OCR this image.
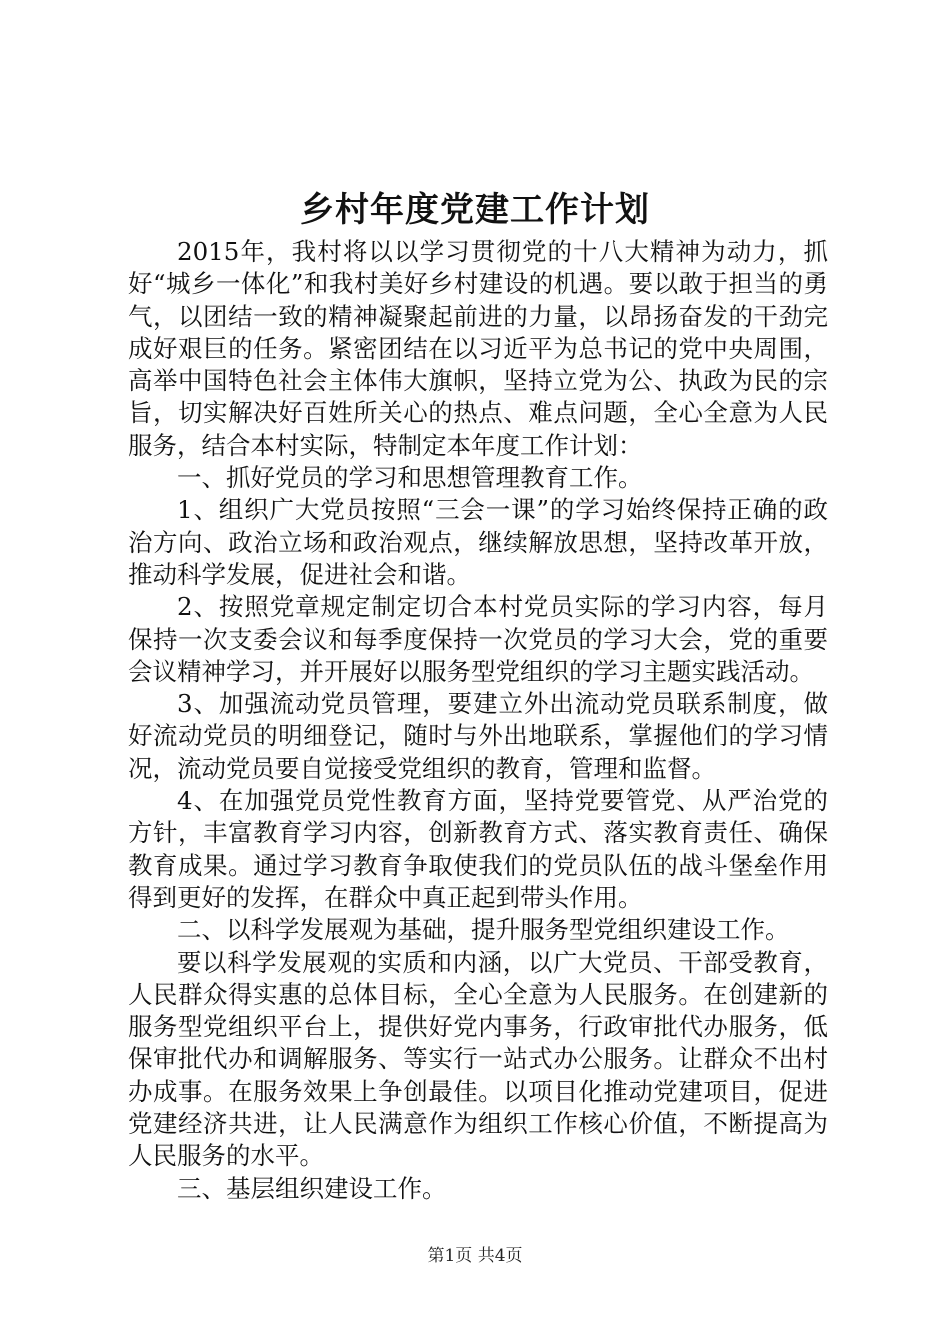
乡村年度党建工作计划

2015年，我村将以以学习贯彻党的十八大精神为动力，抓好“城乡一体化”和我村美好乡村建设的机遇。要以敢于担当的勇气，以团结一致的精神凝聚起前进的力量，以昂扬奋发的干劲完成好艰巨的任务。紧密团结在以习近平为总书记的党中央周围，高举中国特色社会主体伟大旗帜，坚持立党为公、执政为民的宗旨，切实解决好百姓所关心的热点、难点问题，全心全意为人民服务，结合本村实际，特制定本年度工作计划：

一、抓好党员的学习和思想管理教育工作。

1、组织广大党员按照“三会一课”的学习始终保持正确的政治方向、政治立场和政治观点，继续解放思想，坚持改革开放，推动科学发展，促进社会和谐。

2、按照党章规定制定切合本村党员实际的学习内容，每月保持一次支委会议和每季度保持一次党员的学习大会，党的重要会议精神学习，并开展好以服务型党组织的学习主题实践活动。

3、加强流动党员管理，要建立外出流动党员联系制度，做好流动党员的明细登记，随时与外出地联系，掌握他们的学习情况，流动党员要自觉接受党组织的教育，管理和监督。

4、在加强党员党性教育方面，坚持党要管党、从严治党的方针，丰富教育学习内容，创新教育方式、落实教育责任、确保教育成果。通过学习教育争取使我们的党员队伍的战斗堡垒作用得到更好的发挥，在群众中真正起到带头作用。

二、以科学发展观为基础，提升服务型党组织建设工作。

要以科学发展观的实质和内涵，以广大党员、干部受教育，人民群众得实惠的总体目标，全心全意为人民服务。在创建新的服务型党组织平台上，提供好党内事务，行政审批代办服务，低保审批代办和调解服务、等实行一站式办公服务。让群众不出村办成事。在服务效果上争创最佳。以项目化推动党建项目，促进党建经济共进，让人民满意作为组织工作核心价值，不断提高为人民服务的水平。

三、基层组织建设工作。

第1页 共4页
